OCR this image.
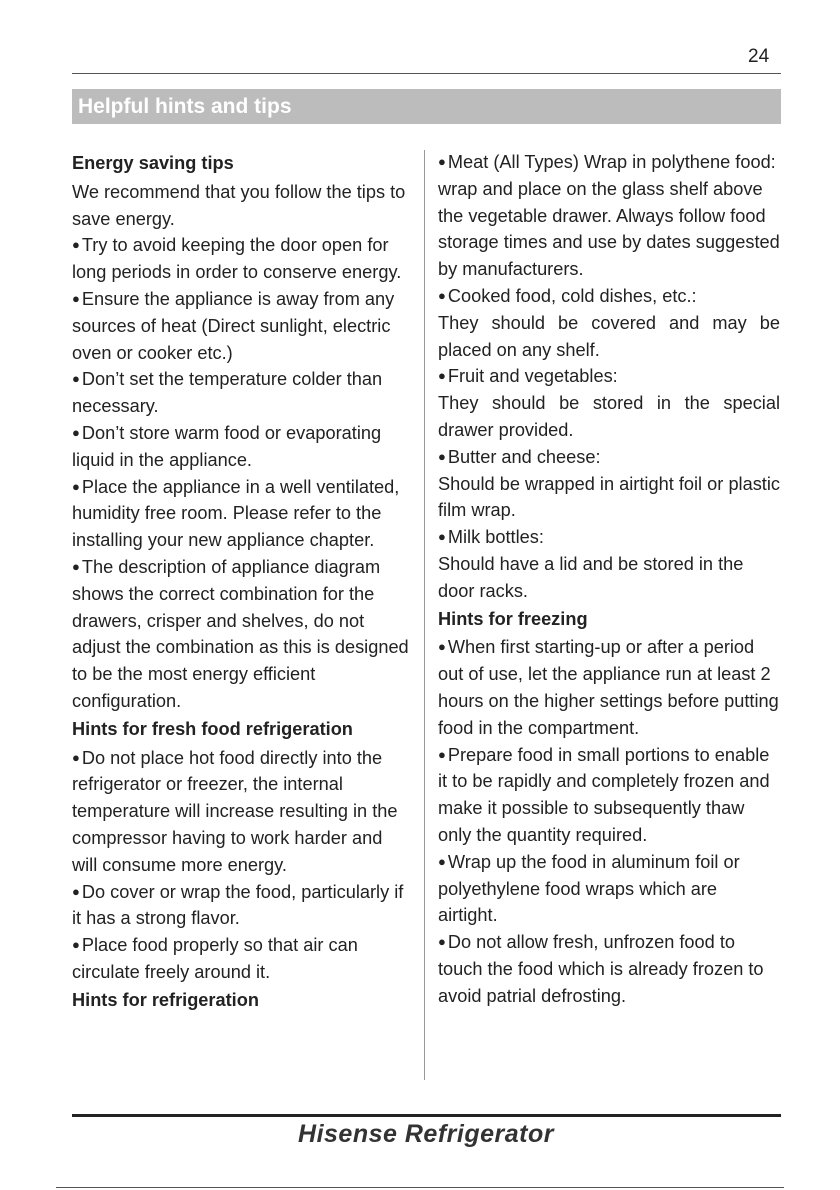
24
Helpful hints and tips
Energy saving tips

We recommend that you follow the tips to save energy.

● Try to avoid keeping the door open for long periods in order to conserve energy.

● Ensure the appliance is away from any sources of heat (Direct sunlight, electric oven or cooker etc.)

● Don’t set the temperature colder than necessary.

● Don’t store warm food or evaporating liquid in the appliance.

● Place the appliance in a well ventilated, humidity free room. Please refer to the installing your new appliance chapter.

● The description of appliance diagram shows the correct combination for the drawers, crisper and shelves, do not adjust the combination as this is designed to be the most energy efficient configuration.

Hints for fresh food refrigeration

● Do not place hot food directly into the refrigerator or freezer, the internal temperature will increase resulting in the compressor having to work harder and will consume more energy.

● Do cover or wrap the food, particularly if it has a strong flavor.

● Place food properly so that air can circulate freely around it.

Hints for refrigeration

● Meat (All Types) Wrap in polythene food: wrap and place on the glass shelf above the vegetable drawer. Always follow food storage times and use by dates suggested by manufacturers.

● Cooked food, cold dishes, etc.:

They should be covered and may be placed on any shelf.

● Fruit and vegetables:

They should be stored in the special drawer provided.

● Butter and cheese:

Should be wrapped in airtight foil or plastic film wrap.

● Milk bottles:

Should have a lid and be stored in the door racks.

Hints for freezing

● When first starting-up or after a period out of use, let the appliance run at least 2 hours on the higher settings before putting food in the compartment.

● Prepare food in small portions to enable it to be rapidly and completely frozen and make it possible to subsequently thaw only the quantity required.

● Wrap up the food in aluminum foil or polyethylene food wraps which are airtight.

● Do not allow fresh, unfrozen food to touch the food which is already frozen to avoid patrial defrosting.

Hisense Refrigerator
